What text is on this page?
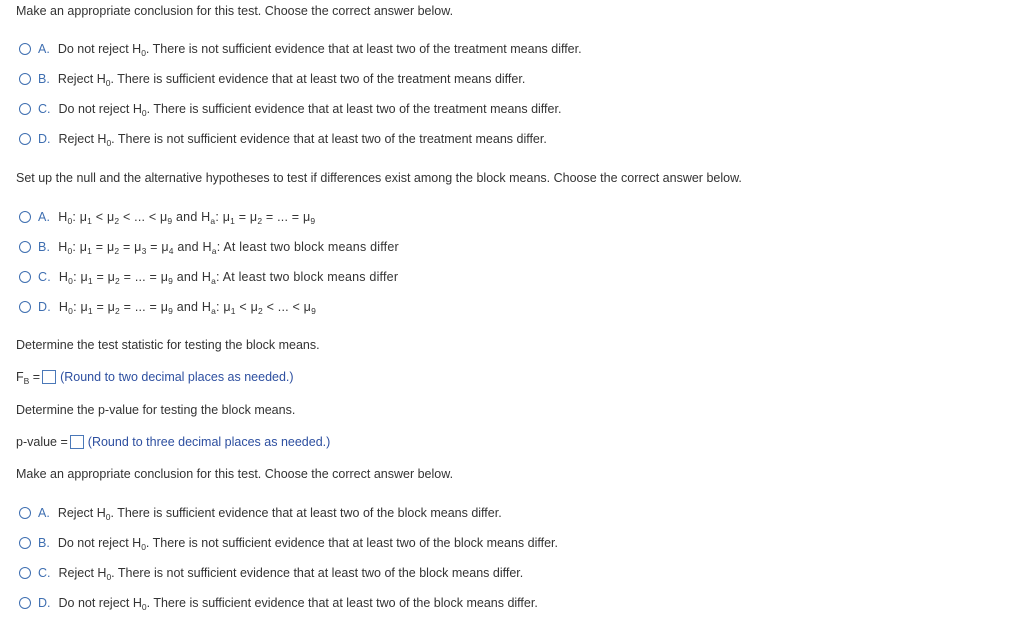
Make an appropriate conclusion for this test. Choose the correct answer below.
A. Do not reject $H_0$. There is not sufficient evidence that at least two of the treatment means differ.
B. Reject $H_0$. There is sufficient evidence that at least two of the treatment means differ.
C. Do not reject $H_0$. There is sufficient evidence that at least two of the treatment means differ.
D. Reject $H_0$. There is not sufficient evidence that at least two of the treatment means differ.
Set up the null and the alternative hypotheses to test if differences exist among the block means. Choose the correct answer below.
A. $H_0$: $\mu_1 < \mu_2$ < ... < $\mu_9$ and $H_a$: $\mu_1 = \mu_2$ = ... = $\mu_9$
B. $H_0$: $\mu_1 = \mu_2 = \mu_3 = \mu_4$ and $H_a$: At least two block means differ
C. $H_0$: $\mu_1 = \mu_2$ = ... = $\mu_9$ and $H_a$: At least two block means differ
D. $H_0$: $\mu_1 = \mu_2$ = ... = $\mu_9$ and $H_a$: $\mu_1 < \mu_2$ < ... < $\mu_9$
Determine the test statistic for testing the block means.
$F_B$ = (Round to two decimal places as needed.)
Determine the p-value for testing the block means.
p-value = (Round to three decimal places as needed.)
Make an appropriate conclusion for this test. Choose the correct answer below.
A. Reject $H_0$. There is sufficient evidence that at least two of the block means differ.
B. Do not reject $H_0$. There is not sufficient evidence that at least two of the block means differ.
C. Reject $H_0$. There is not sufficient evidence that at least two of the block means differ.
D. Do not reject $H_0$. There is sufficient evidence that at least two of the block means differ.
